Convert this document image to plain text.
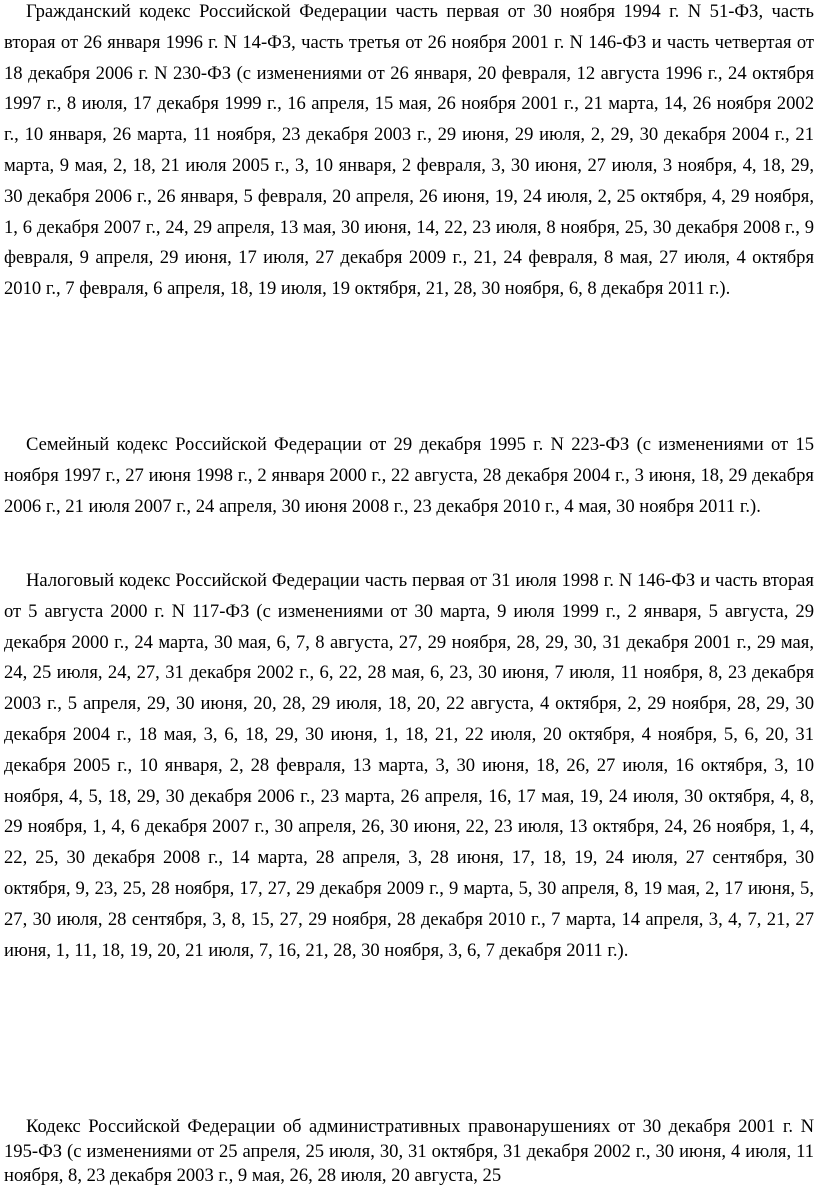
Гражданский кодекс Российской Федерации часть первая от 30 ноября 1994 г. N 51-ФЗ, часть вторая от 26 января 1996 г. N 14-ФЗ, часть третья от 26 ноября 2001 г. N 146-ФЗ и часть четвертая от 18 декабря 2006 г. N 230-ФЗ (с изменениями от 26 января, 20 февраля, 12 августа 1996 г., 24 октября 1997 г., 8 июля, 17 декабря 1999 г., 16 апреля, 15 мая, 26 ноября 2001 г., 21 марта, 14, 26 ноября 2002 г., 10 января, 26 марта, 11 ноября, 23 декабря 2003 г., 29 июня, 29 июля, 2, 29, 30 декабря 2004 г., 21 марта, 9 мая, 2, 18, 21 июля 2005 г., 3, 10 января, 2 февраля, 3, 30 июня, 27 июля, 3 ноября, 4, 18, 29, 30 декабря 2006 г., 26 января, 5 февраля, 20 апреля, 26 июня, 19, 24 июля, 2, 25 октября, 4, 29 ноября, 1, 6 декабря 2007 г., 24, 29 апреля, 13 мая, 30 июня, 14, 22, 23 июля, 8 ноября, 25, 30 декабря 2008 г., 9 февраля, 9 апреля, 29 июня, 17 июля, 27 декабря 2009 г., 21, 24 февраля, 8 мая, 27 июля, 4 октября 2010 г., 7 февраля, 6 апреля, 18, 19 июля, 19 октября, 21, 28, 30 ноября, 6, 8 декабря 2011 г.).

Семейный кодекс Российской Федерации от 29 декабря 1995 г. N 223-ФЗ (с изменениями от 15 ноября 1997 г., 27 июня 1998 г., 2 января 2000 г., 22 августа, 28 декабря 2004 г., 3 июня, 18, 29 декабря 2006 г., 21 июля 2007 г., 24 апреля, 30 июня 2008 г., 23 декабря 2010 г., 4 мая, 30 ноября 2011 г.).

Налоговый кодекс Российской Федерации часть первая от 31 июля 1998 г. N 146-ФЗ и часть вторая от 5 августа 2000 г. N 117-ФЗ (с изменениями от 30 марта, 9 июля 1999 г., 2 января, 5 августа, 29 декабря 2000 г., 24 марта, 30 мая, 6, 7, 8 августа, 27, 29 ноября, 28, 29, 30, 31 декабря 2001 г., 29 мая, 24, 25 июля, 24, 27, 31 декабря 2002 г., 6, 22, 28 мая, 6, 23, 30 июня, 7 июля, 11 ноября, 8, 23 декабря 2003 г., 5 апреля, 29, 30 июня, 20, 28, 29 июля, 18, 20, 22 августа, 4 октября, 2, 29 ноября, 28, 29, 30 декабря 2004 г., 18 мая, 3, 6, 18, 29, 30 июня, 1, 18, 21, 22 июля, 20 октября, 4 ноября, 5, 6, 20, 31 декабря 2005 г., 10 января, 2, 28 февраля, 13 марта, 3, 30 июня, 18, 26, 27 июля, 16 октября, 3, 10 ноября, 4, 5, 18, 29, 30 декабря 2006 г., 23 марта, 26 апреля, 16, 17 мая, 19, 24 июля, 30 октября, 4, 8, 29 ноября, 1, 4, 6 декабря 2007 г., 30 апреля, 26, 30 июня, 22, 23 июля, 13 октября, 24, 26 ноября, 1, 4, 22, 25, 30 декабря 2008 г., 14 марта, 28 апреля, 3, 28 июня, 17, 18, 19, 24 июля, 27 сентября, 30 октября, 9, 23, 25, 28 ноября, 17, 27, 29 декабря 2009 г., 9 марта, 5, 30 апреля, 8, 19 мая, 2, 17 июня, 5, 27, 30 июля, 28 сентября, 3, 8, 15, 27, 29 ноября, 28 декабря 2010 г., 7 марта, 14 апреля, 3, 4, 7, 21, 27 июня, 1, 11, 18, 19, 20, 21 июля, 7, 16, 21, 28, 30 ноября, 3, 6, 7 декабря 2011 г.).

Кодекс Российской Федерации об административных правонарушениях от 30 декабря 2001 г. N 195-ФЗ (с изменениями от 25 апреля, 25 июля, 30, 31 октября, 31 декабря 2002 г., 30 июня, 4 июля, 11 ноября, 8, 23 декабря 2003 г., 9 мая, 26, 28 июля, 20 августа, 25
